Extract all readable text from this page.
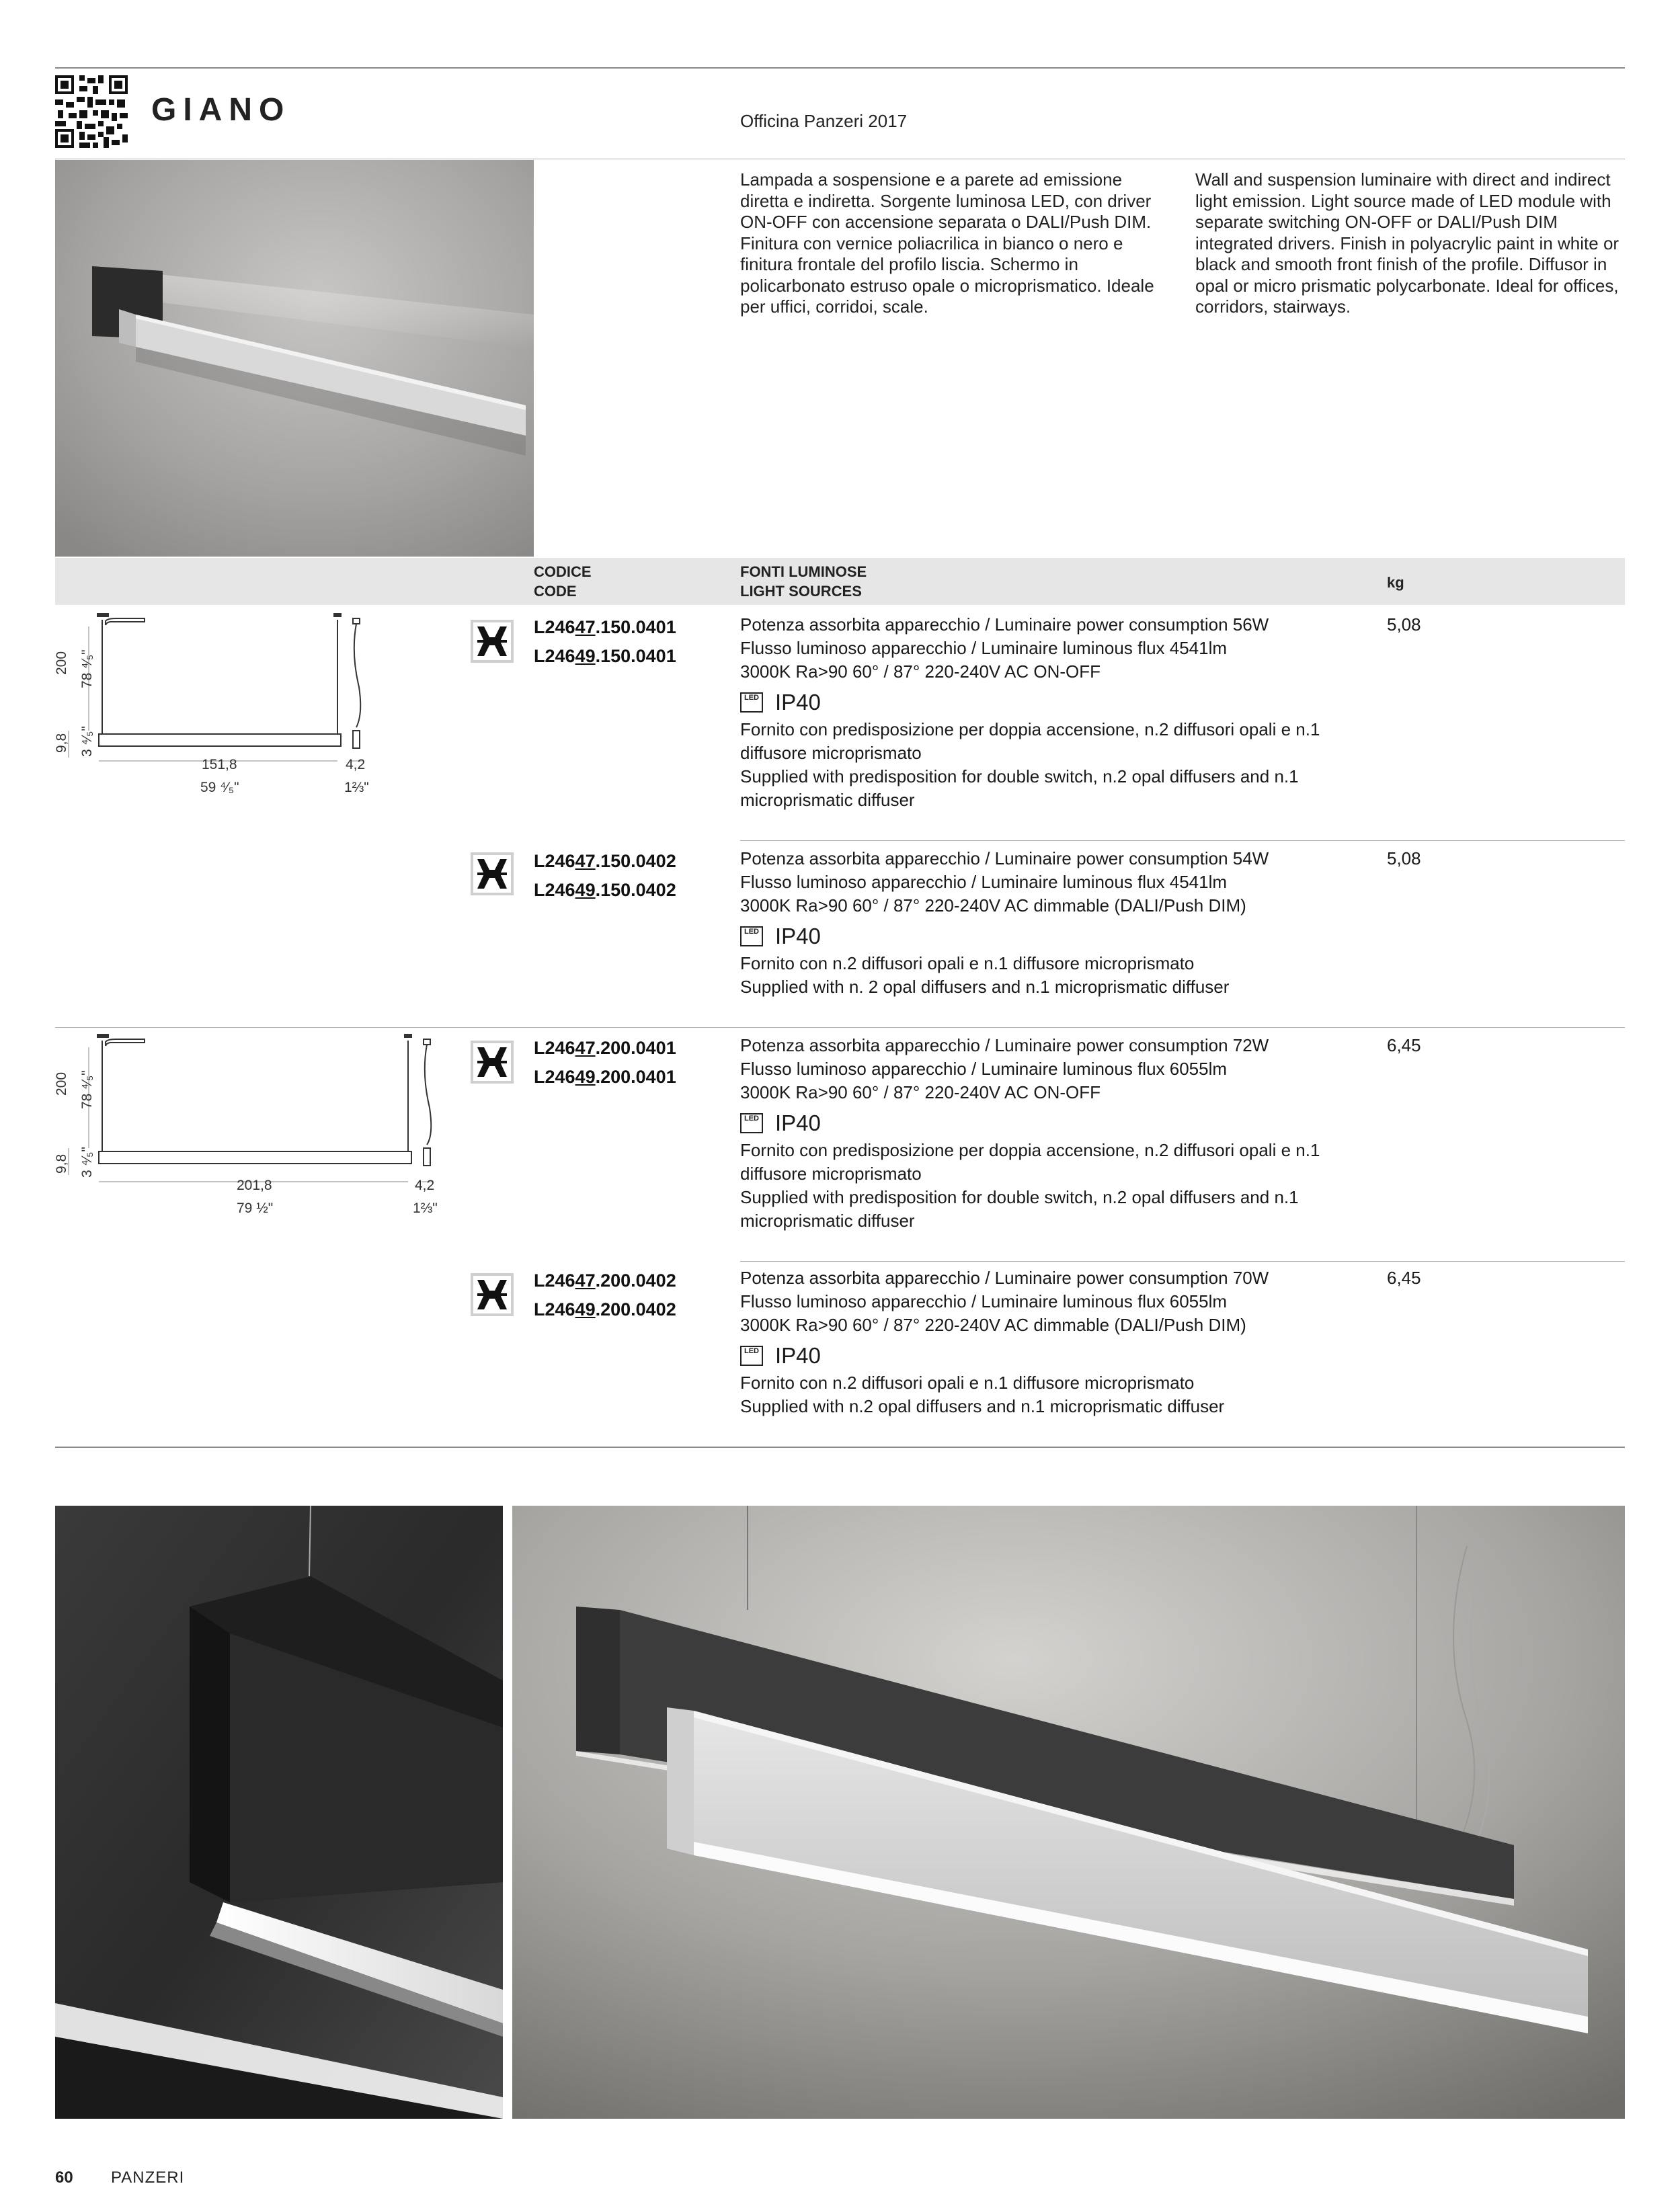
GIANO	Officina Panzeri 2017
Lampada a sospensione e a parete ad emissione diretta e indiretta. Sorgente luminosa LED, con driver ON-OFF con accensione separata o DALI/Push DIM. Finitura con vernice poliacrilica in bianco o nero e finitura frontale del profilo liscia. Schermo in policarbonato estruso opale o microprismatico. Ideale per uffici, corridoi, scale.
Wall and suspension luminaire with direct and indirect light emission. Light source made of LED module with separate switching ON-OFF or DALI/Push DIM integrated drivers. Finish in polyacrylic paint in white or black and smooth front finish of the profile. Diffusor in opal or micro prismatic polycarbonate. Ideal for offices, corridors, stairways.
CODICE
CODE
FONTI LUMINOSE
LIGHT SOURCES
kg
200 78 ⁴⁄₅"
9,8 3 ⁴⁄₅"
151,8
59 ⁴⁄₅"
4,2
1⅔"
200 78 ⁴⁄₅"
9,8 3 ⁴⁄₅"
201,8
79 ½"
4,2
1⅔"
L24647.150.0401
L24649.150.0401
Potenza assorbita apparecchio / Luminaire power consumption 56W
Flusso luminoso apparecchio / Luminaire luminous flux 4541lm
3000K Ra>90 60° / 87° 220-240V AC ON-OFF
LED IP40
Fornito con predisposizione per doppia accensione, n.2 diffusori opali e n.1 diffusore microprismato
Supplied with predisposition for double switch, n.2 opal diffusers and n.1 microprismatic diffuser
5,08
L24647.150.0402
L24649.150.0402
Potenza assorbita apparecchio / Luminaire power consumption 54W
Flusso luminoso apparecchio / Luminaire luminous flux 4541lm
3000K Ra>90 60° / 87° 220-240V AC dimmable (DALI/Push DIM)
LED IP40
Fornito con n.2 diffusori opali e n.1 diffusore microprismato
Supplied with n. 2 opal diffusers and n.1 microprismatic diffuser
5,08
L24647.200.0401
L24649.200.0401
Potenza assorbita apparecchio / Luminaire power consumption 72W
Flusso luminoso apparecchio / Luminaire luminous flux 6055lm
3000K Ra>90 60° / 87° 220-240V AC ON-OFF
LED IP40
Fornito con predisposizione per doppia accensione, n.2 diffusori opali e n.1 diffusore microprismato
Supplied with predisposition for double switch, n.2 opal diffusers and n.1 microprismatic diffuser
6,45
L24647.200.0402
L24649.200.0402
Potenza assorbita apparecchio / Luminaire power consumption 70W
Flusso luminoso apparecchio / Luminaire luminous flux 6055lm
3000K Ra>90 60° / 87° 220-240V AC dimmable (DALI/Push DIM)
LED IP40
Fornito con n.2 diffusori opali e n.1 diffusore microprismato
Supplied with n.2 opal diffusers and n.1 microprismatic diffuser
6,45
60 PANZERI
